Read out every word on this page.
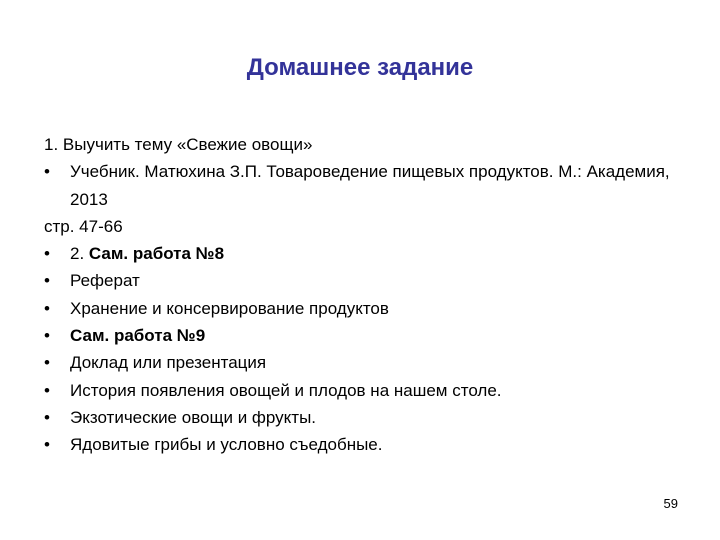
Домашнее задание
1. Выучить тему «Свежие овощи»
•	Учебник. Матюхина З.П. Товароведение пищевых продуктов. М.: Академия, 2013
стр. 47-66
•	2. Сам. работа №8
•	Реферат
•	Хранение и консервирование продуктов
•	Сам. работа №9
•	Доклад или презентация
•	История появления овощей и плодов на нашем столе.
•	Экзотические овощи и фрукты.
•	Ядовитые грибы и условно съедобные.
59
